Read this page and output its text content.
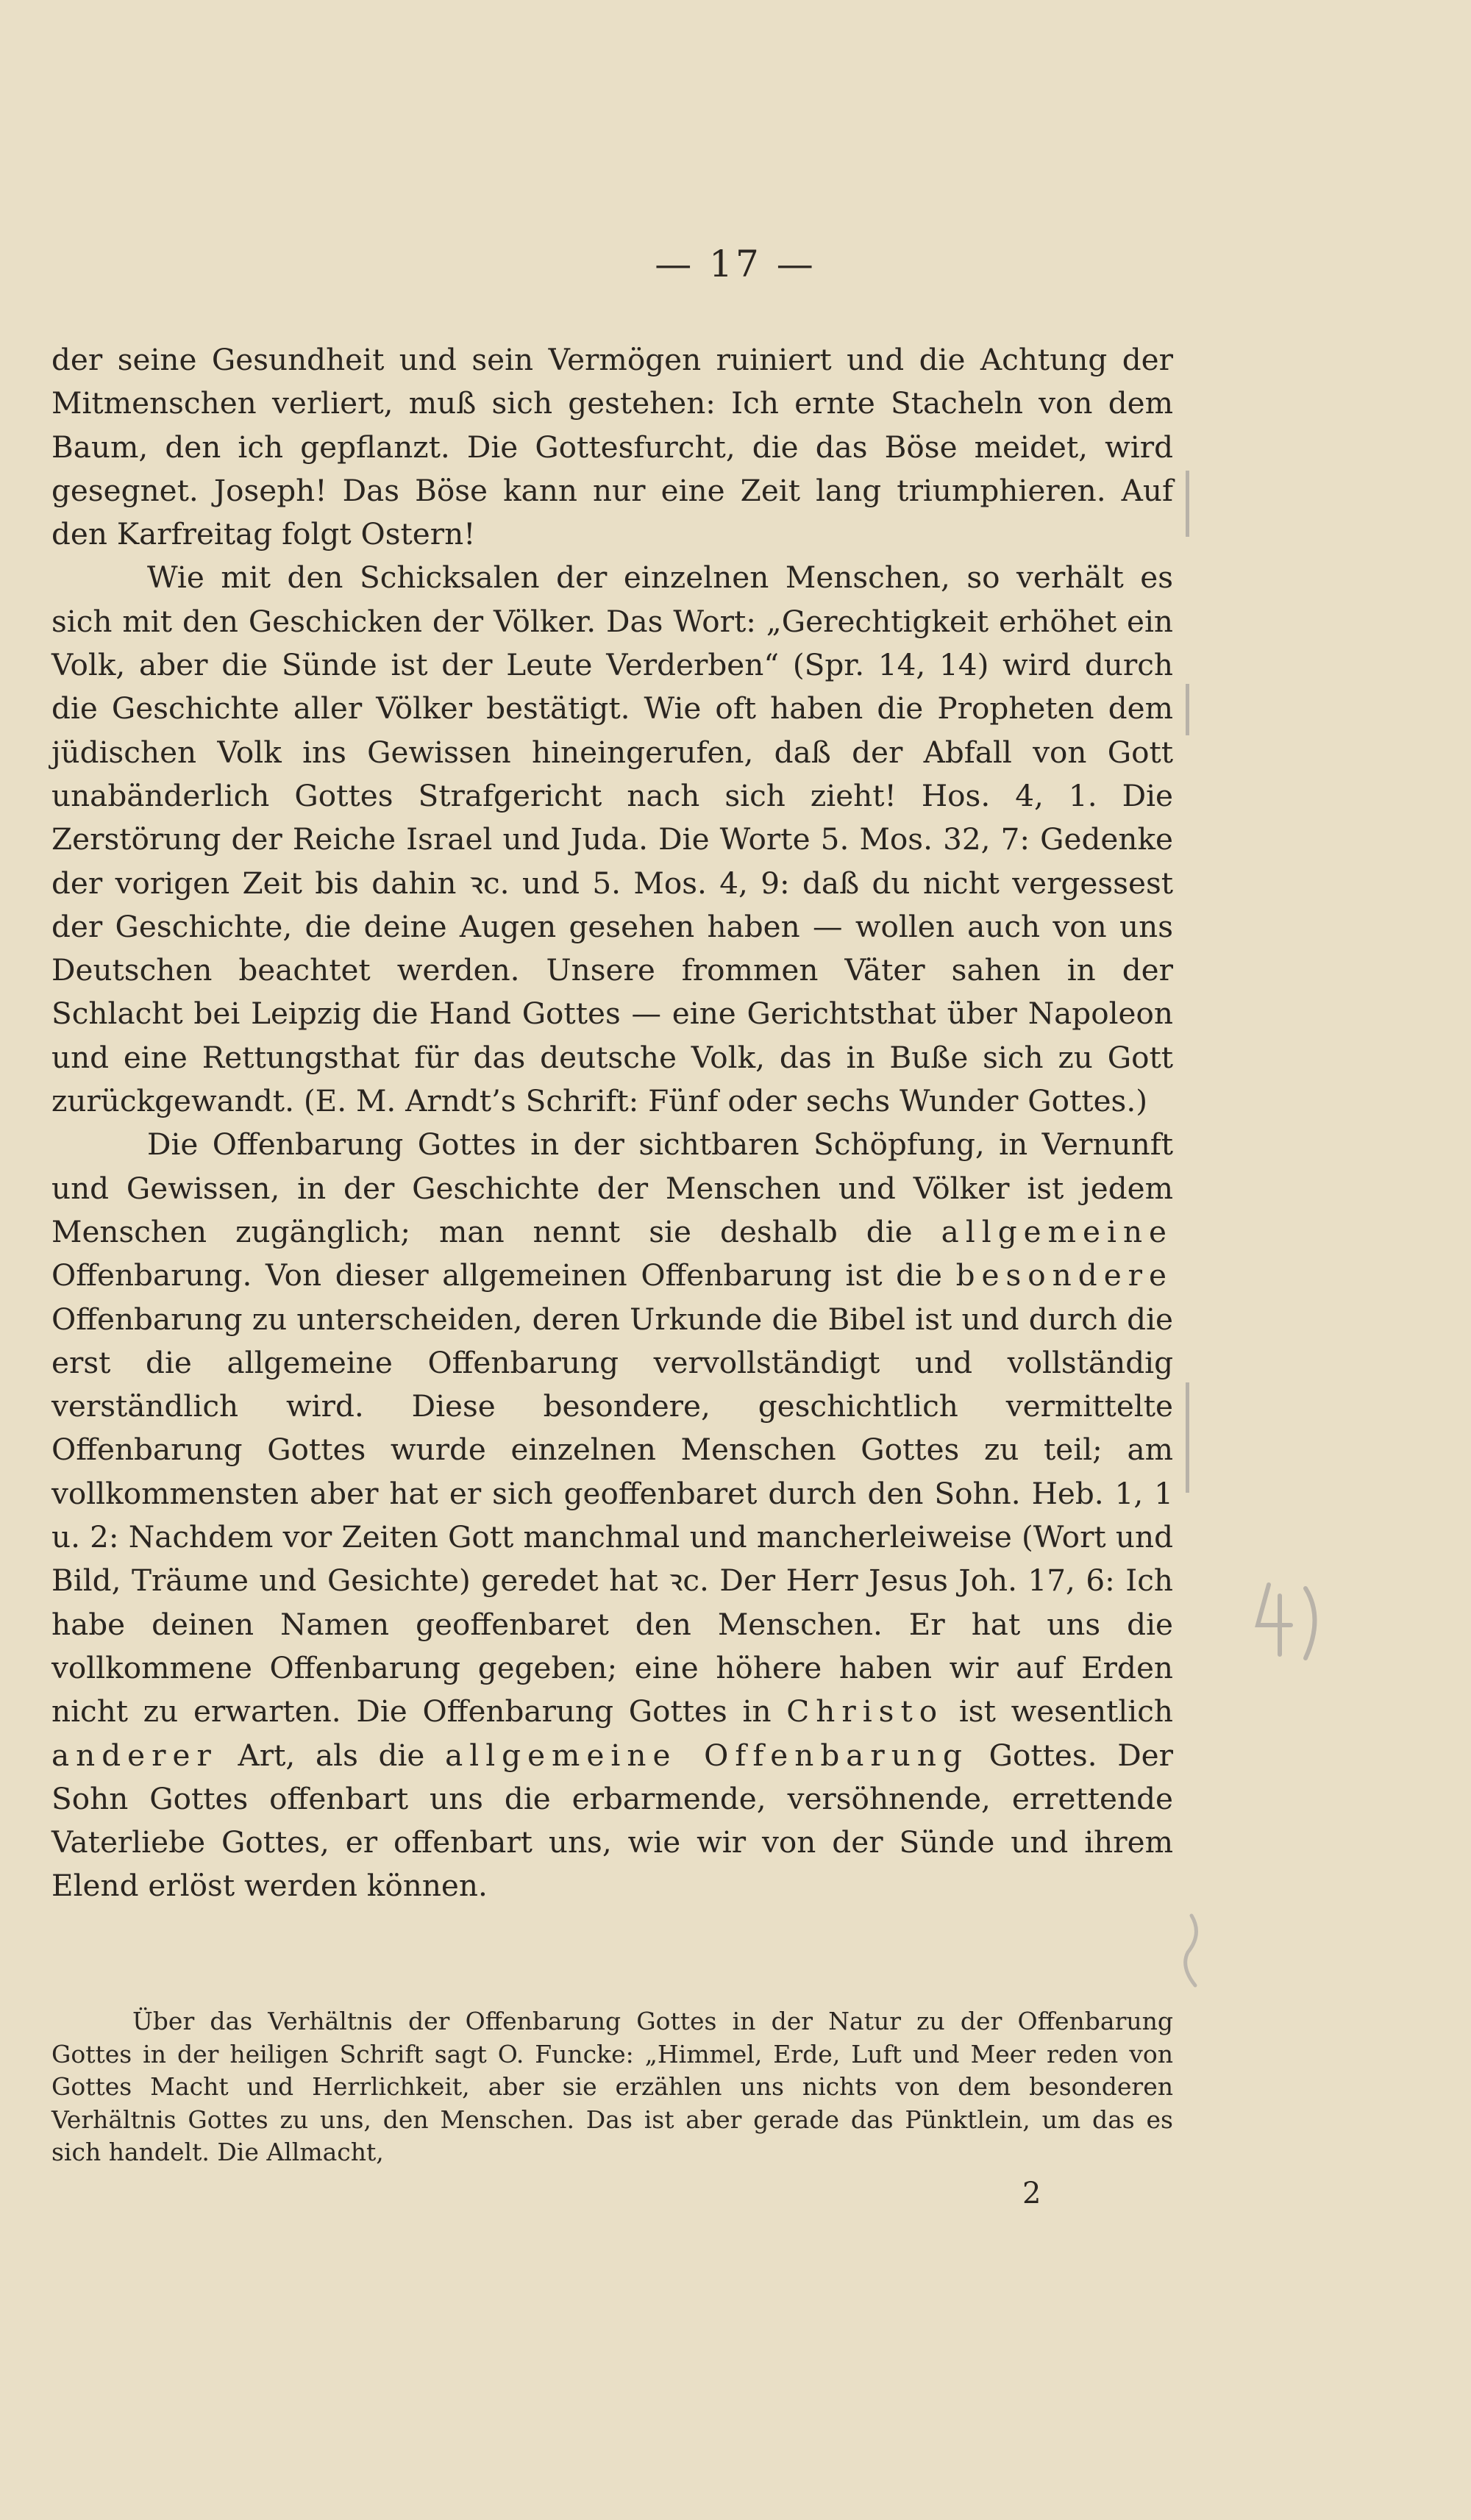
— 17 —

der seine Gesundheit und sein Vermögen ruiniert und die Achtung der Mitmenschen verliert, muß sich gestehen: Ich ernte Stacheln von dem Baum, den ich gepflanzt. Die Gottesfurcht, die das Böse meidet, wird gesegnet. Joseph! Das Böse kann nur eine Zeit lang triumphieren. Auf den Karfreitag folgt Ostern!

Wie mit den Schicksalen der einzelnen Menschen, so verhält es sich mit den Geschicken der Völker. Das Wort: „Gerechtigkeit erhöhet ein Volk, aber die Sünde ist der Leute Verderben“ (Spr. 14, 14) wird durch die Geschichte aller Völker bestätigt. Wie oft haben die Propheten dem jüdischen Volk ins Gewissen hineingerufen, daß der Abfall von Gott unabänderlich Gottes Strafgericht nach sich zieht! Hos. 4, 1. Die Zerstörung der Reiche Israel und Juda. Die Worte 5. Mos. 32, 7: Gedenke der vorigen Zeit bis dahin ꝛc. und 5. Mos. 4, 9: daß du nicht vergessest der Geschichte, die deine Augen gesehen haben — wollen auch von uns Deutschen beachtet werden. Unsere frommen Väter sahen in der Schlacht bei Leipzig die Hand Gottes — eine Gerichtsthat über Napoleon und eine Rettungsthat für das deutsche Volk, das in Buße sich zu Gott zurückgewandt. (E. M. Arndt’s Schrift: Fünf oder sechs Wunder Gottes.)

Die Offenbarung Gottes in der sichtbaren Schöpfung, in Vernunft und Gewissen, in der Geschichte der Menschen und Völker ist jedem Menschen zugänglich; man nennt sie deshalb die allgemeine Offenbarung. Von dieser allgemeinen Offenbarung ist die besondere Offenbarung zu unterscheiden, deren Urkunde die Bibel ist und durch die erst die allgemeine Offenbarung vervollständigt und vollständig verständlich wird. Diese besondere, geschichtlich vermittelte Offenbarung Gottes wurde einzelnen Menschen Gottes zu teil; am vollkommensten aber hat er sich geoffenbaret durch den Sohn. Heb. 1, 1 u. 2: Nachdem vor Zeiten Gott manchmal und mancherleiweise (Wort und Bild, Träume und Gesichte) geredet hat ꝛc. Der Herr Jesus Joh. 17, 6: Ich habe deinen Namen geoffenbaret den Menschen. Er hat uns die vollkommene Offenbarung gegeben; eine höhere haben wir auf Erden nicht zu erwarten. Die Offenbarung Gottes in Christo ist wesentlich anderer Art, als die allgemeine Offenbarung Gottes. Der Sohn Gottes offenbart uns die erbarmende, versöhnende, errettende Vaterliebe Gottes, er offenbart uns, wie wir von der Sünde und ihrem Elend erlöst werden können.

Über das Verhältnis der Offenbarung Gottes in der Natur zu der Offenbarung Gottes in der heiligen Schrift sagt O. Funcke: „Himmel, Erde, Luft und Meer reden von Gottes Macht und Herrlichkeit, aber sie erzählen uns nichts von dem besonderen Verhältnis Gottes zu uns, den Menschen. Das ist aber gerade das Pünktlein, um das es sich handelt. Die Allmacht,

2
